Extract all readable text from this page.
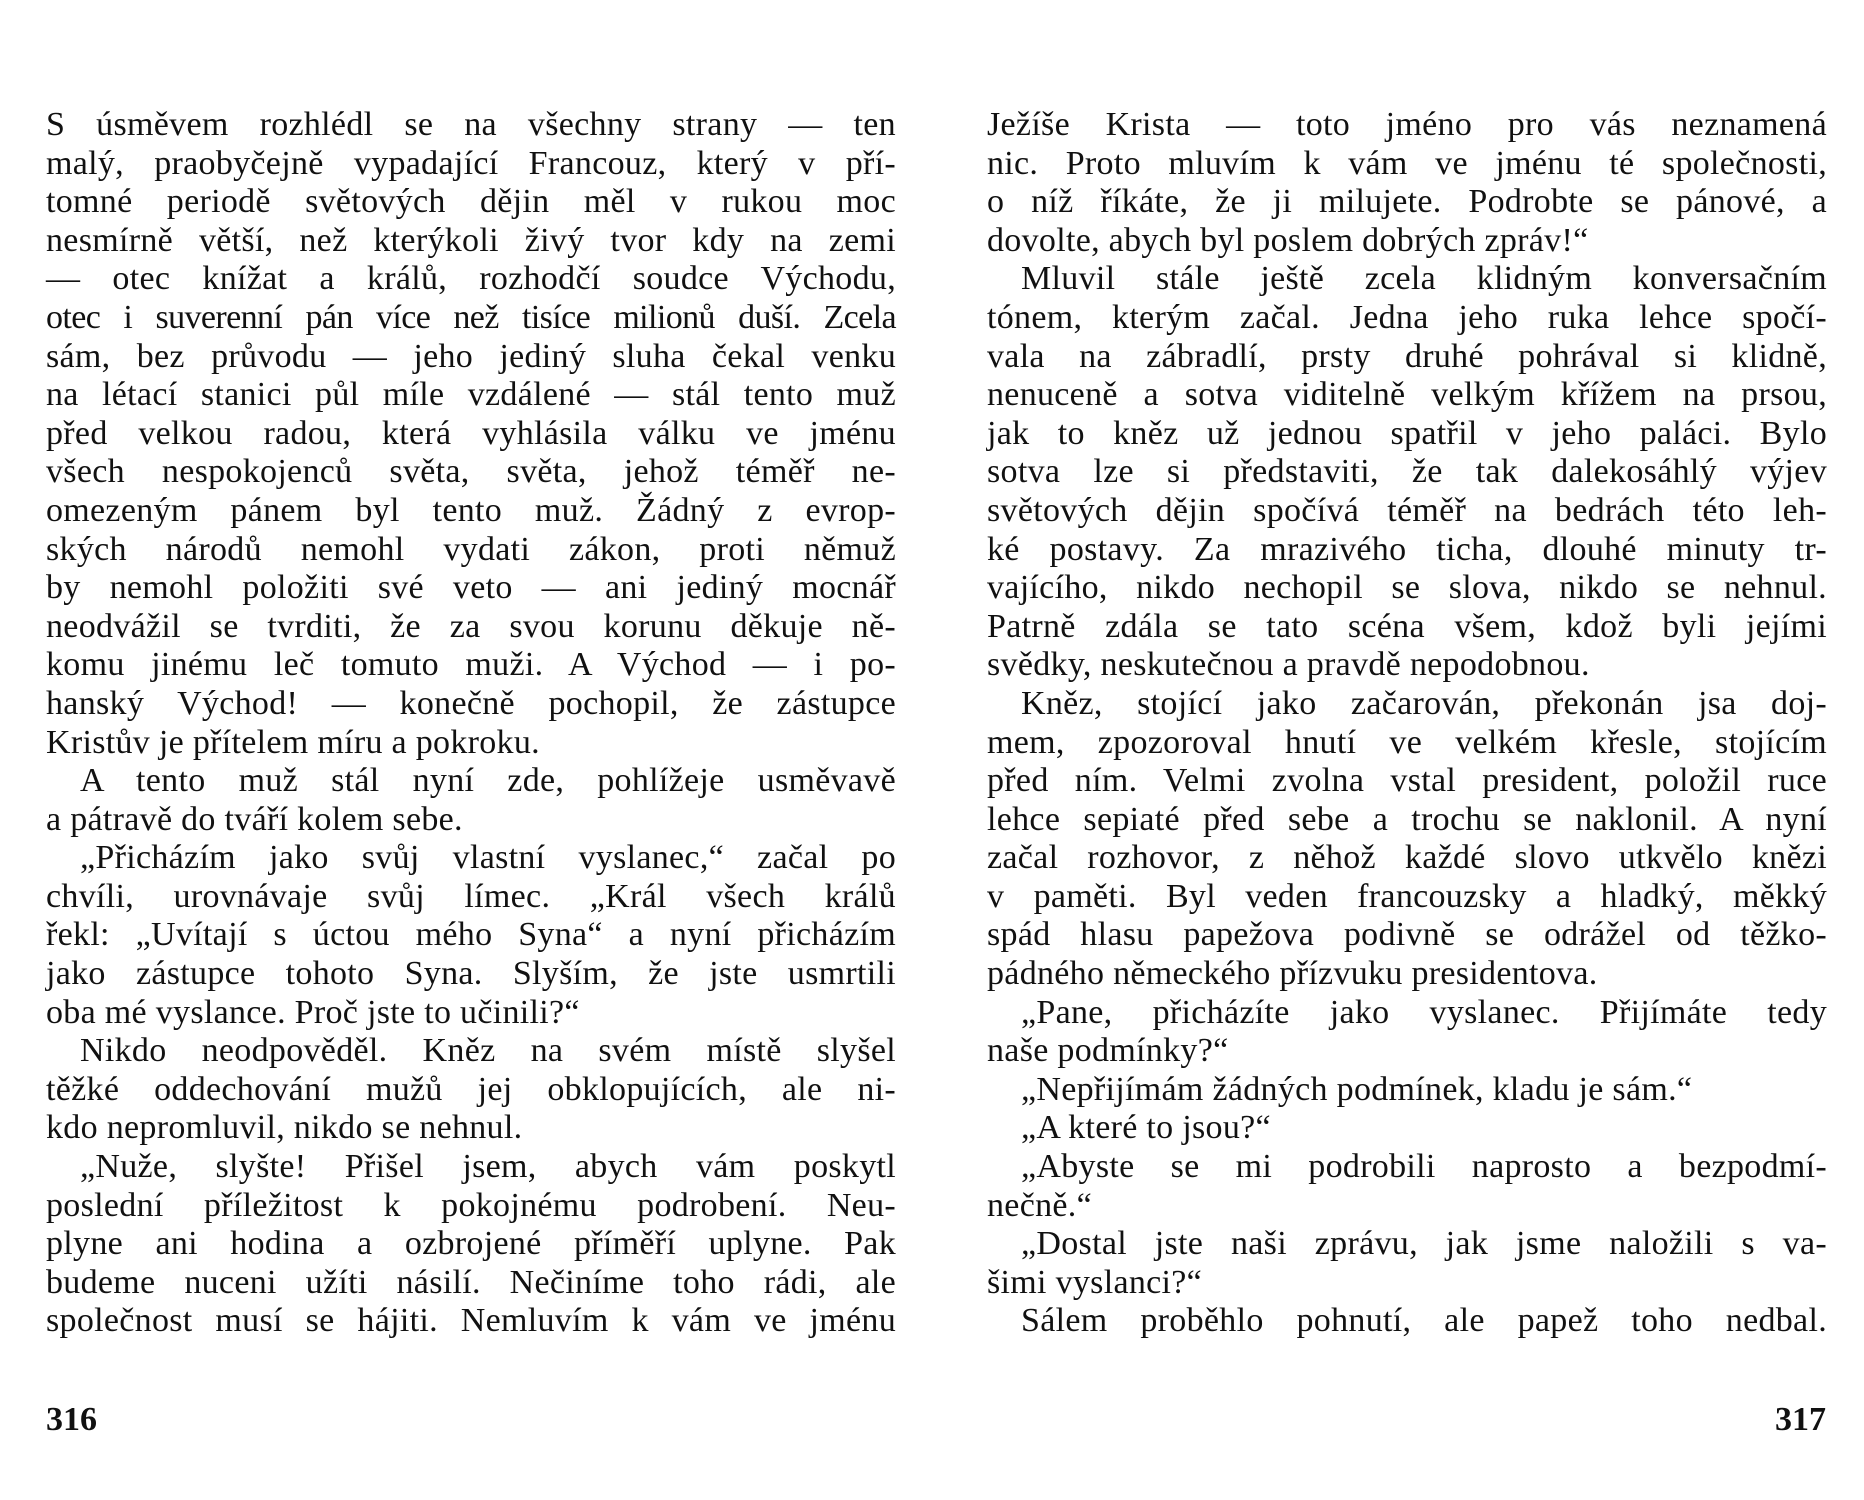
S úsměvem rozhlédl se na všechny strany — ten
malý, praobyčejně vypadající Francouz, který v pří-
tomné periodě světových dějin měl v rukou moc
nesmírně větší, než kterýkoli živý tvor kdy na zemi
— otec knížat a králů, rozhodčí soudce Východu,
otec i suverenní pán více než tisíce milionů duší. Zcela
sám, bez průvodu — jeho jediný sluha čekal venku
na létací stanici půl míle vzdálené — stál tento muž
před velkou radou, která vyhlásila válku ve jménu
všech nespokojenců světa, světa, jehož téměř ne-
omezeným pánem byl tento muž. Žádný z evrop-
ských národů nemohl vydati zákon, proti němuž
by nemohl položiti své veto — ani jediný mocnář
neodvážil se tvrditi, že za svou korunu děkuje ně-
komu jinému leč tomuto muži. A Východ — i po-
hanský Východ! — konečně pochopil, že zástupce
Kristův je přítelem míru a pokroku.
A tento muž stál nyní zde, pohlížeje usměvavě
a pátravě do tváří kolem sebe.
„Přicházím jako svůj vlastní vyslanec,“ začal po
chvíli, urovnávaje svůj límec. „Král všech králů
řekl: „Uvítají s úctou mého Syna“ a nyní přicházím
jako zástupce tohoto Syna. Slyším, že jste usmrtili
oba mé vyslance. Proč jste to učinili?“
Nikdo neodpověděl. Kněz na svém místě slyšel
těžké oddechování mužů jej obklopujících, ale ni-
kdo nepromluvil, nikdo se nehnul.
„Nuže, slyšte! Přišel jsem, abych vám poskytl
poslední příležitost k pokojnému podrobení. Neu-
plyne ani hodina a ozbrojené příměří uplyne. Pak
budeme nuceni užíti násilí. Nečiníme toho rádi, ale
společnost musí se hájiti. Nemluvím k vám ve jménu
Ježíše Krista — toto jméno pro vás neznamená
nic. Proto mluvím k vám ve jménu té společnosti,
o níž říkáte, že ji milujete. Podrobte se pánové, a
dovolte, abych byl poslem dobrých zpráv!“
Mluvil stále ještě zcela klidným konversačním
tónem, kterým začal. Jedna jeho ruka lehce spočí-
vala na zábradlí, prsty druhé pohrával si klidně,
nenuceně a sotva viditelně velkým křížem na prsou,
jak to kněz už jednou spatřil v jeho paláci. Bylo
sotva lze si představiti, že tak dalekosáhlý výjev
světových dějin spočívá téměř na bedrách této leh-
ké postavy. Za mrazivého ticha, dlouhé minuty tr-
vajícího, nikdo nechopil se slova, nikdo se nehnul.
Patrně zdála se tato scéna všem, kdož byli jejími
svědky, neskutečnou a pravdě nepodobnou.
Kněz, stojící jako začarován, překonán jsa doj-
mem, zpozoroval hnutí ve velkém křesle, stojícím
před ním. Velmi zvolna vstal president, položil ruce
lehce sepiaté před sebe a trochu se naklonil. A nyní
začal rozhovor, z něhož každé slovo utkvělo knězi
v paměti. Byl veden francouzsky a hladký, měkký
spád hlasu papežova podivně se odrážel od těžko-
pádného německého přízvuku presidentova.
„Pane, přicházíte jako vyslanec. Přijímáte tedy
naše podmínky?“
„Nepřijímám žádných podmínek, kladu je sám.“
„A které to jsou?“
„Abyste se mi podrobili naprosto a bezpodmí-
nečně.“
„Dostal jste naši zprávu, jak jsme naložili s va-
šimi vyslanci?“
Sálem proběhlo pohnutí, ale papež toho nedbal.
316	317
